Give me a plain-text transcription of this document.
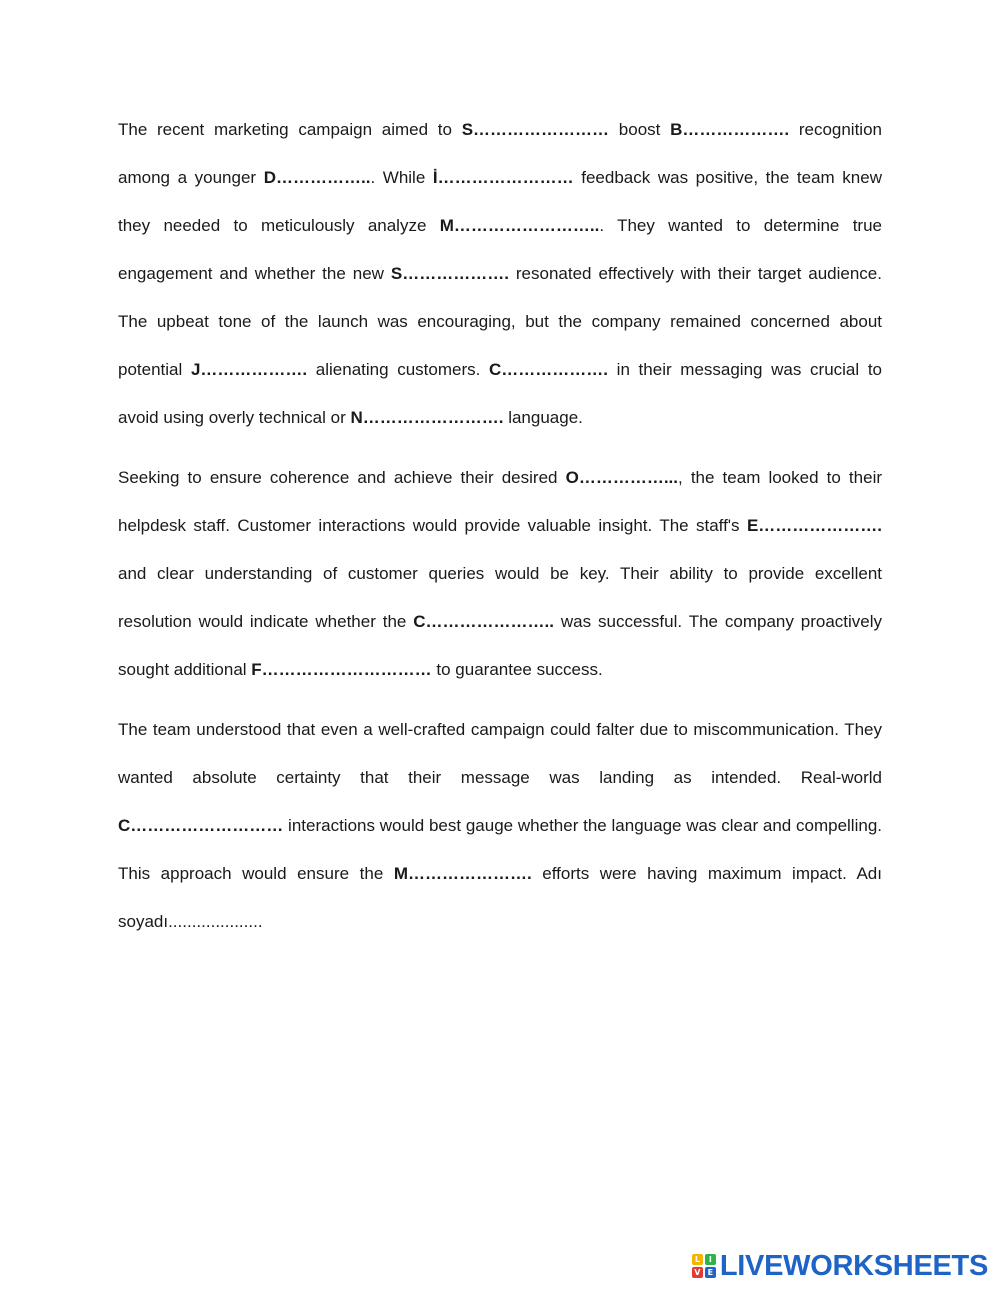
The recent marketing campaign aimed to S…………………… boost B………………. recognition among a younger D……………... While İ…………………… feedback was positive, the team knew they needed to meticulously analyze M……………………... They wanted to determine true engagement and whether the new S………………. resonated effectively with their target audience. The upbeat tone of the launch was encouraging, but the company remained concerned about potential J………………. alienating customers. C………………. in their messaging was crucial to avoid using overly technical or N……………………. language.

Seeking to ensure coherence and achieve their desired O……………..., the team looked to their helpdesk staff. Customer interactions would provide valuable insight. The staff's E…………………. and clear understanding of customer queries would be key. Their ability to provide excellent resolution would indicate whether the C………………….. was successful. The company proactively sought additional F………………………… to guarantee success.

The team understood that even a well-crafted campaign could falter due to miscommunication. They wanted absolute certainty that their message was landing as intended. Real-world C……………………… interactions would best gauge whether the language was clear and compelling. This approach would ensure the M…………………. efforts were having maximum impact. Adı soyadı....................

L	I
V E LIVEWORKSHEETS
